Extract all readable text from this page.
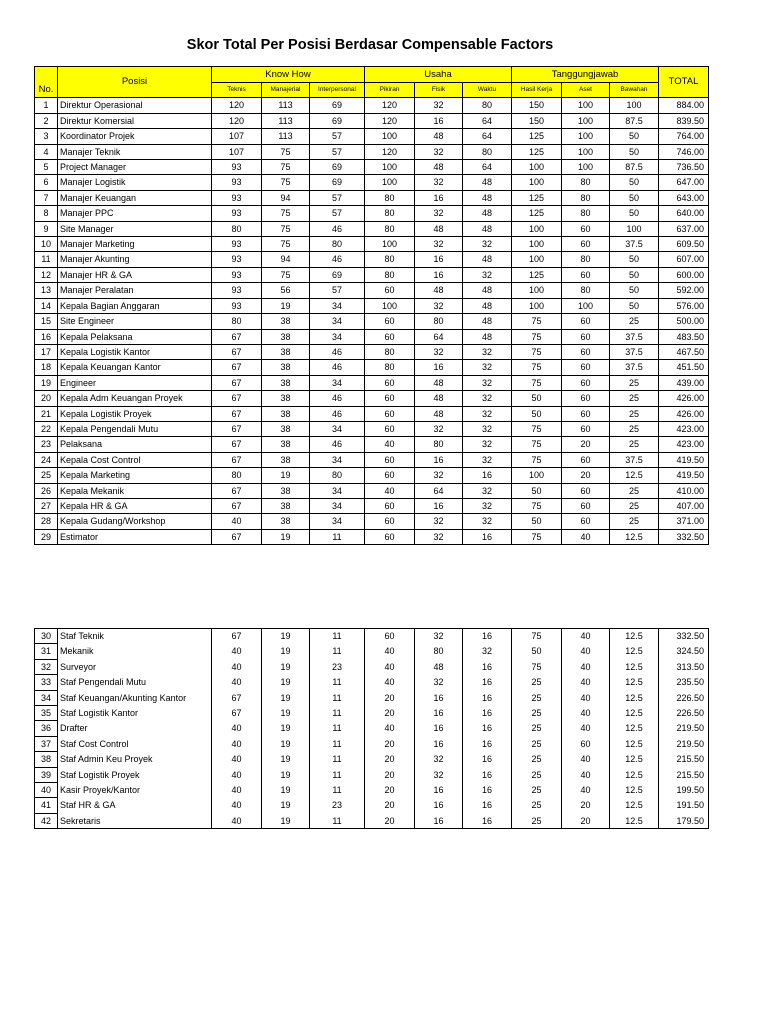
Skor Total Per Posisi Berdasar Compensable Factors
No.	Posisi	Know How			Usaha			Tanggungjawab			TOTAL
		Teknis	Manajerial	Interpersonal	Pikiran	Fisik	Waktu	Hasil Kerja	Aset	Bawahan	
1	Direktur Operasional	120	113	69	120	32	80	150	100	100	884.00
2	Direktur Komersial	120	113	69	120	16	64	150	100	87.5	839.50
3	Koordinator Projek	107	113	57	100	48	64	125	100	50	764.00
4	Manajer Teknik	107	75	57	120	32	80	125	100	50	746.00
5	Project Manager	93	75	69	100	48	64	100	100	87.5	736.50
6	Manajer Logistik	93	75	69	100	32	48	100	80	50	647.00
7	Manajer Keuangan	93	94	57	80	16	48	125	80	50	643.00
8	Manajer PPC	93	75	57	80	32	48	125	80	50	640.00
9	Site Manager	80	75	46	80	48	48	100	60	100	637.00
10	Manajer Marketing	93	75	80	100	32	32	100	60	37.5	609.50
11	Manajer Akunting	93	94	46	80	16	48	100	80	50	607.00
12	Manajer HR & GA	93	75	69	80	16	32	125	60	50	600.00
13	Manajer Peralatan	93	56	57	60	48	48	100	80	50	592.00
14	Kepala Bagian Anggaran	93	19	34	100	32	48	100	100	50	576.00
15	Site Engineer	80	38	34	60	80	48	75	60	25	500.00
16	Kepala Pelaksana	67	38	34	60	64	48	75	60	37.5	483.50
17	Kepala Logistik Kantor	67	38	46	80	32	32	75	60	37.5	467.50
18	Kepala Keuangan Kantor	67	38	46	80	16	32	75	60	37.5	451.50
19	Engineer	67	38	34	60	48	32	75	60	25	439.00
20	Kepala Adm Keuangan Proyek	67	38	46	60	48	32	50	60	25	426.00
21	Kepala Logistik Proyek	67	38	46	60	48	32	50	60	25	426.00
22	Kepala Pengendali Mutu	67	38	34	60	32	32	75	60	25	423.00
23	Pelaksana	67	38	46	40	80	32	75	20	25	423.00
24	Kepala Cost Control	67	38	34	60	16	32	75	60	37.5	419.50
25	Kepala Marketing	80	19	80	60	32	16	100	20	12.5	419.50
26	Kepala Mekanik	67	38	34	40	64	32	50	60	25	410.00
27	Kepala HR & GA	67	38	34	60	16	32	75	60	25	407.00
28	Kepala Gudang/Workshop	40	38	34	60	32	32	50	60	25	371.00
29	Estimator	67	19	11	60	32	16	75	40	12.5	332.50
30	Staf Teknik	67	19	11	60	32	16	75	40	12.5	332.50
31	Mekanik	40	19	11	40	80	32	50	40	12.5	324.50
32	Surveyor	40	19	23	40	48	16	75	40	12.5	313.50
33	Staf Pengendali Mutu	40	19	11	40	32	16	25	40	12.5	235.50
34	Staf Keuangan/Akunting Kantor	67	19	11	20	16	16	25	40	12.5	226.50
35	Staf Logistik Kantor	67	19	11	20	16	16	25	40	12.5	226.50
36	Drafter	40	19	11	40	16	16	25	40	12.5	219.50
37	Staf Cost Control	40	19	11	20	16	16	25	60	12.5	219.50
38	Staf Admin Keu Proyek	40	19	11	20	32	16	25	40	12.5	215.50
39	Staf Logistik Proyek	40	19	11	20	32	16	25	40	12.5	215.50
40	Kasir Proyek/Kantor	40	19	11	20	16	16	25	40	12.5	199.50
41	Staf HR & GA	40	19	23	20	16	16	25	20	12.5	191.50
42	Sekretaris	40	19	11	20	16	16	25	20	12.5	179.50
